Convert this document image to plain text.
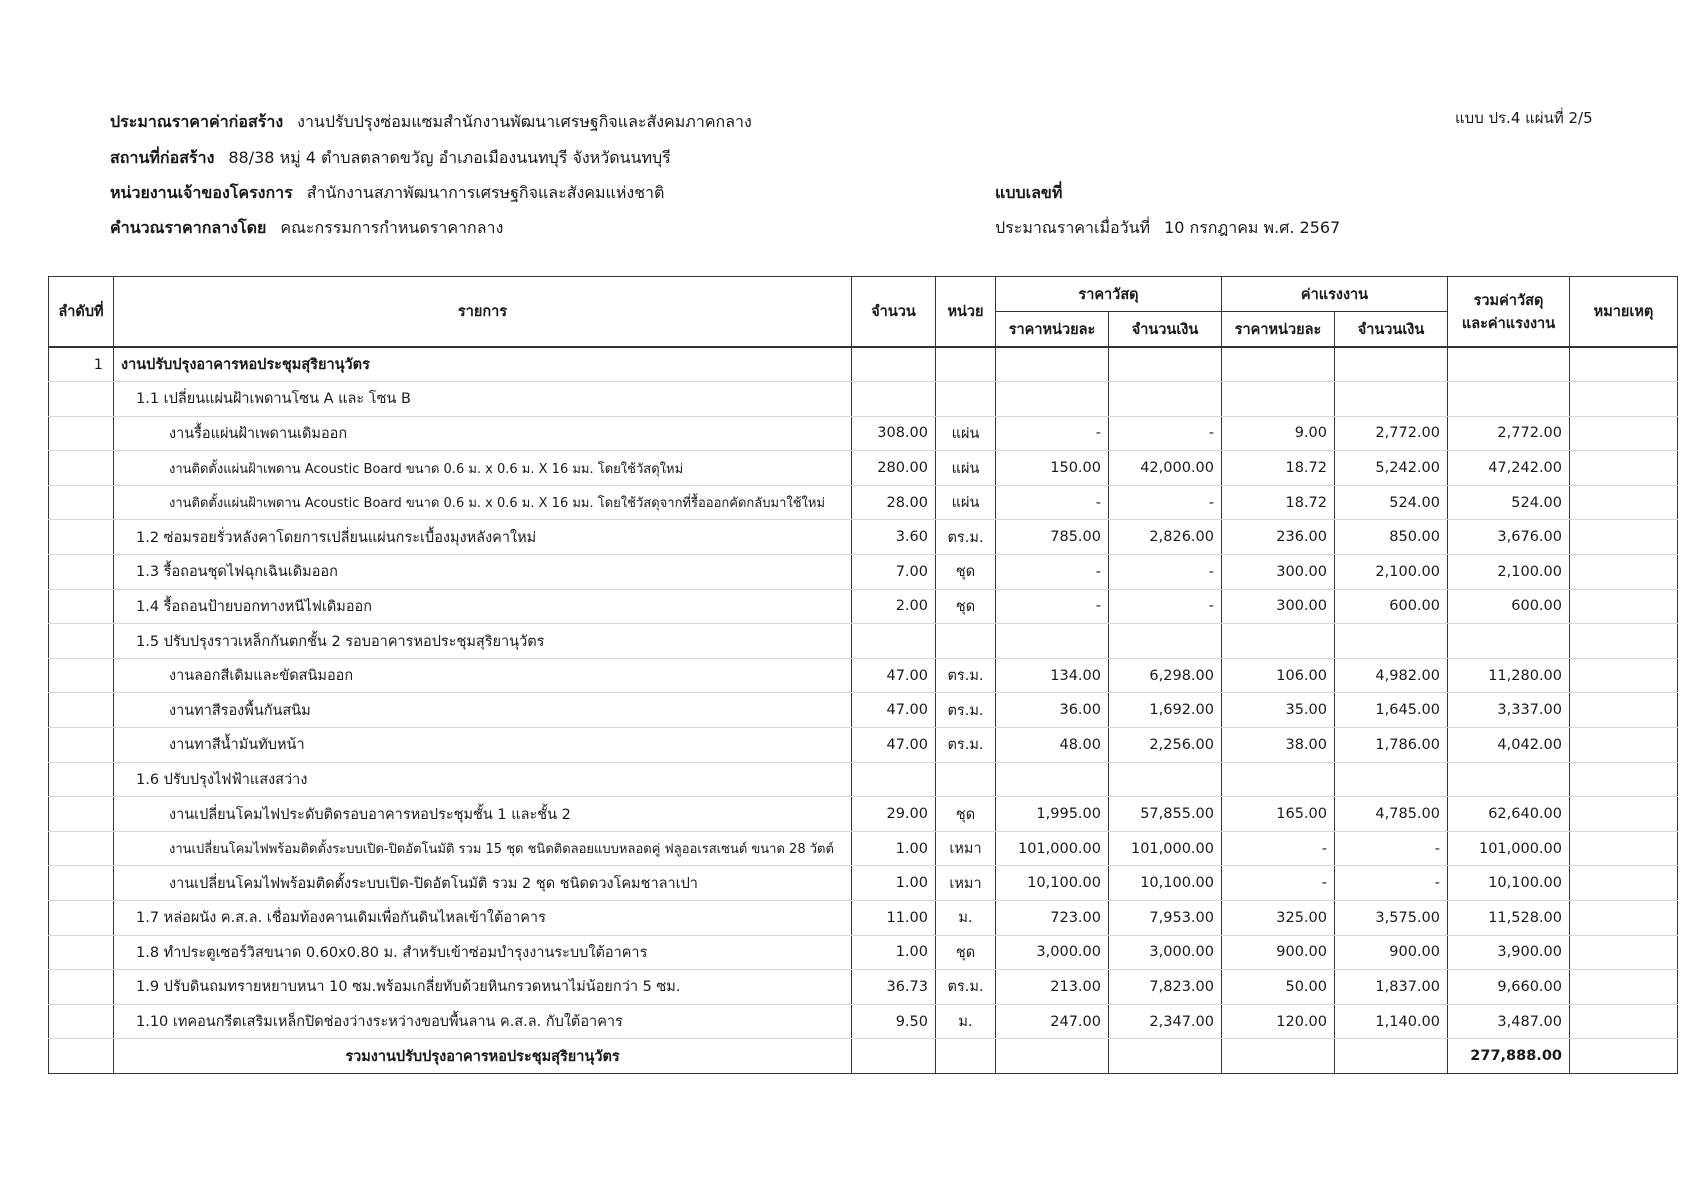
ประมาณราคาค่าก่อสร้าง งานปรับปรุงซ่อมแซมสำนักงานพัฒนาเศรษฐกิจและสังคมภาคกลาง
สถานที่ก่อสร้าง 88/38 หมู่ 4 ตำบลตลาดขวัญ อำเภอเมืองนนทบุรี จังหวัดนนทบุรี
หน่วยงานเจ้าของโครงการ สำนักงานสภาพัฒนาการเศรษฐกิจและสังคมแห่งชาติ
คำนวณราคากลางโดย คณะกรรมการกำหนดราคากลาง
แบบ ปร.4 แผ่นที่ 2/5
แบบเลขที่
ประมาณราคาเมื่อวันที่ 10 กรกฎาคม พ.ศ. 2567
ลำดับที่	รายการ	จำนวน	หน่วย	ราคาวัสดุ		ค่าแรงงาน		รวมค่าวัสดุ
และค่าแรงงาน	หมายเหตุ
				ราคาหน่วยละ	จำนวนเงิน	ราคาหน่วยละ	จำนวนเงิน		
1	งานปรับปรุงอาคารหอประชุมสุริยานุวัตร								
	1.1 เปลี่ยนแผ่นฝ้าเพดานโซน A และ โซน B								
	งานรื้อแผ่นฝ้าเพดานเดิมออก	308.00	แผ่น	-	-	9.00	2,772.00	2,772.00	
	งานติดตั้งแผ่นฝ้าเพดาน Acoustic Board ขนาด 0.6 ม. x 0.6 ม. X 16 มม. โดยใช้วัสดุใหม่	280.00	แผ่น	150.00	42,000.00	18.72	5,242.00	47,242.00	
	งานติดตั้งแผ่นฝ้าเพดาน Acoustic Board ขนาด 0.6 ม. x 0.6 ม. X 16 มม. โดยใช้วัสดุจากที่รื้อออกคัดกลับมาใช้ใหม่	28.00	แผ่น	-	-	18.72	524.00	524.00	
	1.2 ซ่อมรอยรั่วหลังคาโดยการเปลี่ยนแผ่นกระเบื้องมุงหลังคาใหม่	3.60	ตร.ม.	785.00	2,826.00	236.00	850.00	3,676.00	
	1.3 รื้อถอนชุดไฟฉุกเฉินเดิมออก	7.00	ชุด	-	-	300.00	2,100.00	2,100.00	
	1.4 รื้อถอนป้ายบอกทางหนีไฟเดิมออก	2.00	ชุด	-	-	300.00	600.00	600.00	
	1.5 ปรับปรุงราวเหล็กกันตกชั้น 2 รอบอาคารหอประชุมสุริยานุวัตร								
	งานลอกสีเดิมและขัดสนิมออก	47.00	ตร.ม.	134.00	6,298.00	106.00	4,982.00	11,280.00	
	งานทาสีรองพื้นกันสนิม	47.00	ตร.ม.	36.00	1,692.00	35.00	1,645.00	3,337.00	
	งานทาสีน้ำมันทับหน้า	47.00	ตร.ม.	48.00	2,256.00	38.00	1,786.00	4,042.00	
	1.6 ปรับปรุงไฟฟ้าแสงสว่าง								
	งานเปลี่ยนโคมไฟประดับติดรอบอาคารหอประชุมชั้น 1 และชั้น 2	29.00	ชุด	1,995.00	57,855.00	165.00	4,785.00	62,640.00	
	งานเปลี่ยนโคมไฟพร้อมติดตั้งระบบเปิด-ปิดอัตโนมัติ รวม 15 ชุด ชนิดติดลอยแบบหลอดคู่ ฟลูออเรสเซนต์ ขนาด 28 วัตต์	1.00	เหมา	101,000.00	101,000.00	-	-	101,000.00	
	งานเปลี่ยนโคมไฟพร้อมติดตั้งระบบเปิด-ปิดอัตโนมัติ รวม 2 ชุด ชนิดดวงโคมชาลาเปา	1.00	เหมา	10,100.00	10,100.00	-	-	10,100.00	
	1.7 หล่อผนัง ค.ส.ล. เชื่อมท้องคานเดิมเพื่อกันดินไหลเข้าใต้อาคาร	11.00	ม.	723.00	7,953.00	325.00	3,575.00	11,528.00	
	1.8 ทำประตูเซอร์วิสขนาด 0.60x0.80 ม. สำหรับเข้าซ่อมบำรุงงานระบบใต้อาคาร	1.00	ชุด	3,000.00	3,000.00	900.00	900.00	3,900.00	
	1.9 ปรับดินถมทรายหยาบหนา 10 ซม.พร้อมเกลี่ยทับด้วยหินกรวดหนาไม่น้อยกว่า 5 ซม.	36.73	ตร.ม.	213.00	7,823.00	50.00	1,837.00	9,660.00	
	1.10 เทคอนกรีตเสริมเหล็กปิดช่องว่างระหว่างขอบพื้นลาน ค.ส.ล. กับใต้อาคาร	9.50	ม.	247.00	2,347.00	120.00	1,140.00	3,487.00	
	รวมงานปรับปรุงอาคารหอประชุมสุริยานุวัตร							277,888.00	
